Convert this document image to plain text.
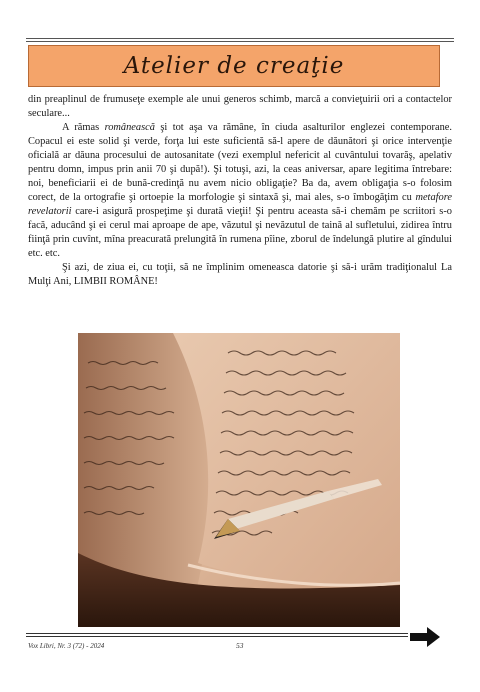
Atelier de creaţie

din preaplinul de frumuseţe exemple ale unui generos schimb, marcă a convieţuirii ori a contactelor seculare...

A rămas românească şi tot aşa va rămâne, în ciuda asalturilor englezei contemporane. Copacul ei este solid şi verde, forţa lui este suficientă să-l apere de dăunători şi orice intervenţie oficială ar dăuna procesului de autosanitate (vezi exemplul nefericit al cuvântului tovarăş, apelativ pentru domn, impus prin anii 70 şi după!). Şi totuşi, azi, la ceas aniversar, apare legitima întrebare: noi, beneficiarii ei de bună-credinţă nu avem nicio obligaţie? Ba da, avem obligaţia s-o folosim corect, de la ortografie şi ortoepie la morfologie şi sintaxă şi, mai ales, s-o îmbogăţim cu metafore revelatorii care-i asigură prospeţime şi durată vieţii! Şi pentru aceasta să-i chemăm pe scriitori s-o facă, aducând şi ei cerul mai aproape de ape, văzutul şi nevăzutul de taină al sufletului, zidirea întru fiinţă prin cuvînt, mîna preacurată prelungită în rumena pîine, zborul de îndelungă plutire al gîndului etc. etc.

Şi azi, de ziua ei, cu toţii, să ne împlinim omeneasca datorie şi să-i urăm tradiţionalul La Mulţi Ani, LIMBII ROMÂNE!

Vox Libri, Nr. 3 (72) - 2024	53
